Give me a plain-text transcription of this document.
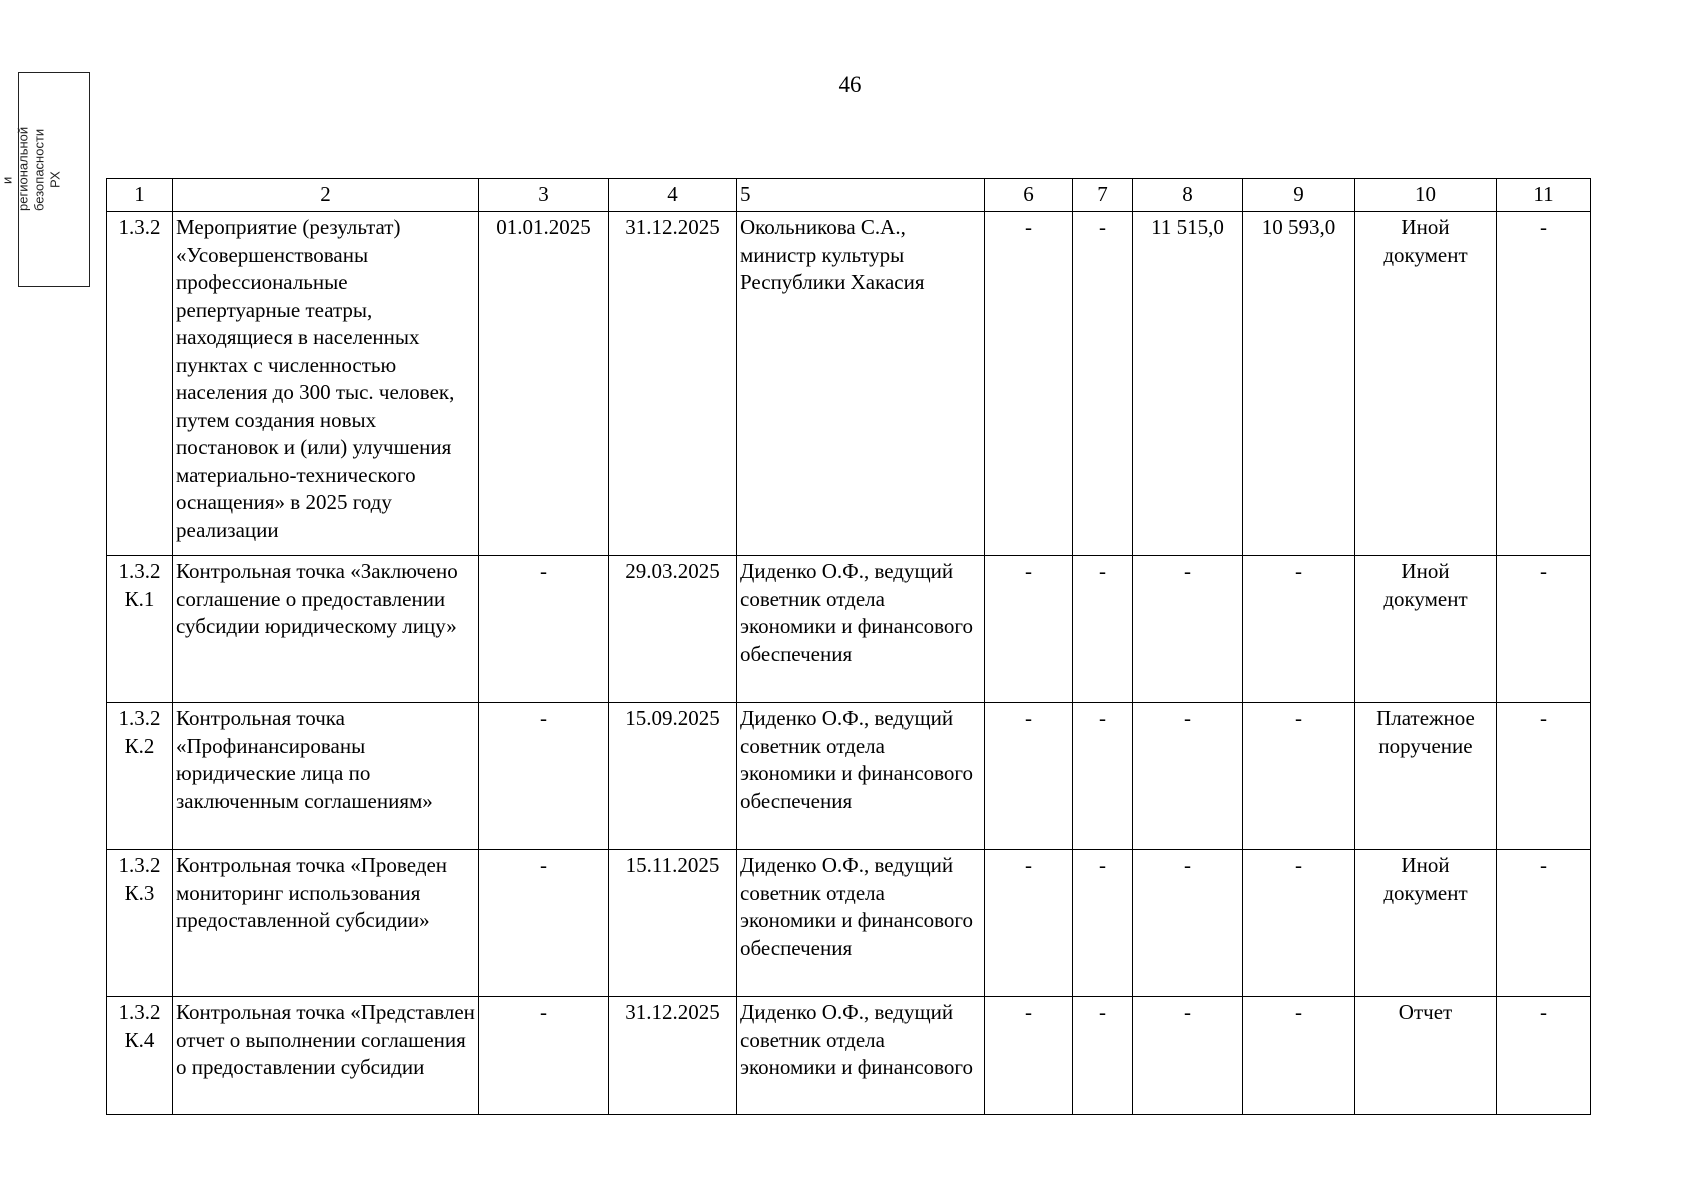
46
и региональной безопасности РХ
1	2	3	4	5	6	7	8	9	10	11
1.3.2	Мероприятие (результат) «Усовершенствованы профессиональные репертуарные театры, находящиеся в населенных пунктах с численностью населения до 300 тыс. человек, путем создания новых постановок и (или) улучшения материально-технического оснащения» в 2025 году реализации	01.01.2025	31.12.2025	Окольникова С.А., министр культуры Республики Хакасия	-	-	11 515,0	10 593,0	Иной документ	-
1.3.2 К.1	Контрольная точка «Заключено соглашение о предоставлении субсидии юридическому лицу»	-	29.03.2025	Диденко О.Ф., ведущий советник отдела экономики и финансового обеспечения	-	-	-	-	Иной документ	-
1.3.2 К.2	Контрольная точка «Профинансированы юридические лица по заключенным соглашениям»	-	15.09.2025	Диденко О.Ф., ведущий советник отдела экономики и финансового обеспечения	-	-	-	-	Платежное поручение	-
1.3.2 К.3	Контрольная точка «Проведен мониторинг использования предоставленной субсидии»	-	15.11.2025	Диденко О.Ф., ведущий советник отдела экономики и финансового обеспечения	-	-	-	-	Иной документ	-
1.3.2 К.4	Контрольная точка «Представлен отчет о выполнении соглашения о предоставлении субсидии	-	31.12.2025	Диденко О.Ф., ведущий советник отдела экономики и финансового	-	-	-	-	Отчет	-
